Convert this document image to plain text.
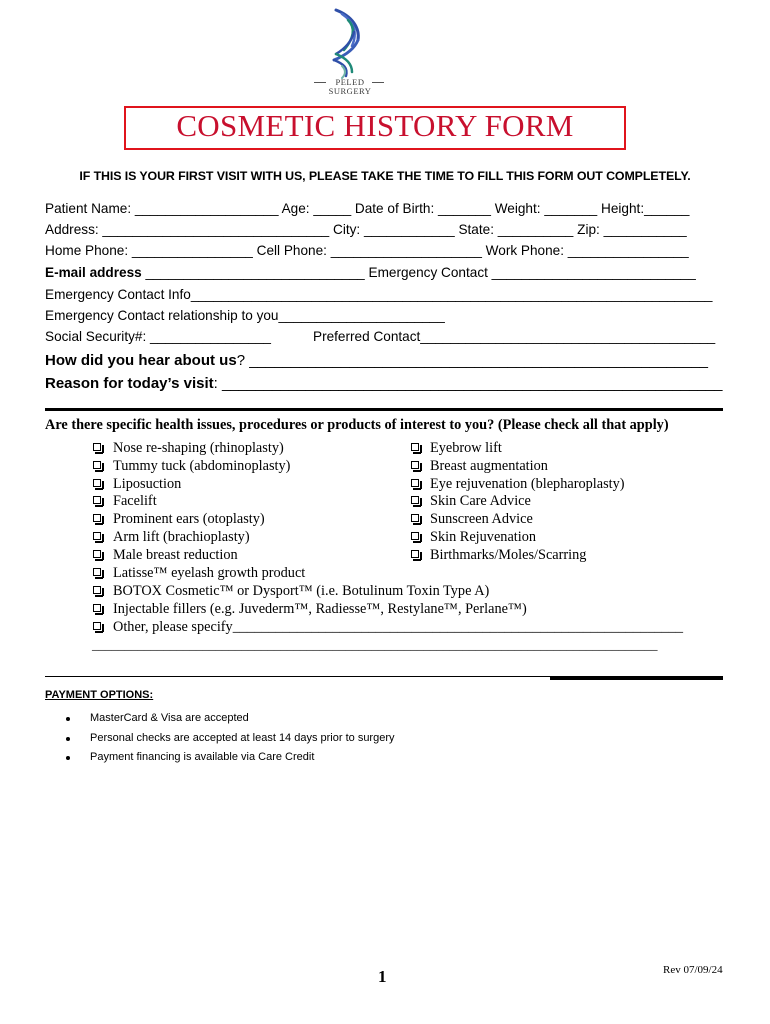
PELED
SURGERY
COSMETIC HISTORY FORM
IF THIS IS YOUR FIRST VISIT WITH US, PLEASE TAKE THE TIME TO FILL THIS FORM OUT COMPLETELY.
Patient Name: ___________________ Age: _____ Date of Birth: _______ Weight: _______ Height:______
Address: ______________________________ City: ____________ State: __________ Zip: ___________
Home Phone: ________________ Cell Phone: ____________________ Work Phone: ________________
E-mail address _____________________________ Emergency Contact ___________________________
Emergency Contact Info_____________________________________________________________________
Emergency Contact relationship to you______________________
Social Security#: ________________	Preferred Contact_______________________________________
How did you hear about us? _______________________________________________________
Reason for today’s visit: ____________________________________________________________
Are there specific health issues, procedures or products of interest to you? (Please check all that apply)
Nose re-shaping (rhinoplasty)
Tummy tuck (abdominoplasty)
Liposuction
Facelift
Prominent ears (otoplasty)
Arm lift (brachioplasty)
Male breast reduction
Eyebrow lift
Breast augmentation
Eye rejuvenation (blepharoplasty)
Skin Care Advice
Sunscreen Advice
Skin Rejuvenation
Birthmarks/Moles/Scarring
Latisse™ eyelash growth product
BOTOX Cosmetic™ or Dysport™ (i.e. Botulinum Toxin Type A)
Injectable fillers (e.g. Juvederm™, Radiesse™, Restylane™, Perlane™)
Other, please specify_______________________________________________________________
_______________________________________________________________________________________
PAYMENT OPTIONS:
MasterCard & Visa are accepted
Personal checks are accepted at least 14 days prior to surgery
Payment financing is available via Care Credit
1	Rev 07/09/24
